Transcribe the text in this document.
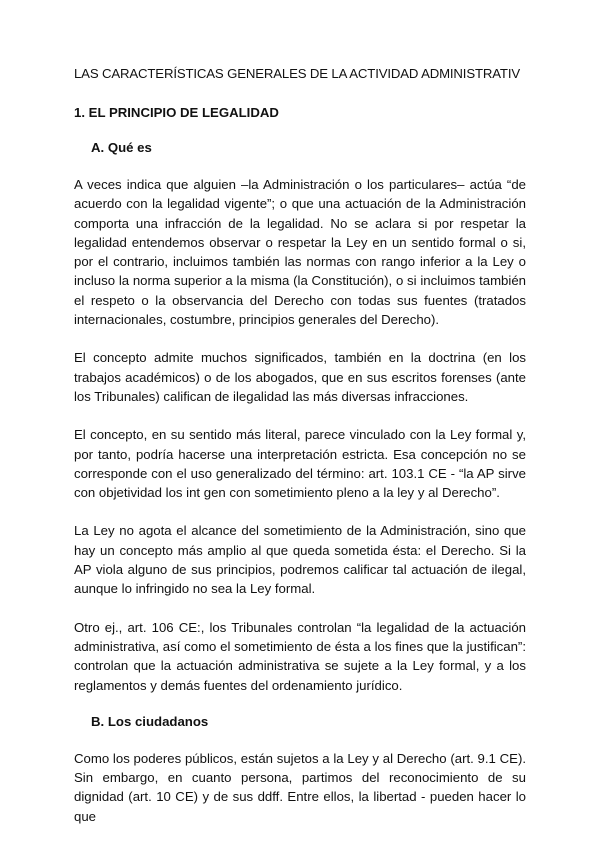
LAS CARACTERÍSTICAS GENERALES DE LA ACTIVIDAD ADMINISTRATIV
1. EL PRINCIPIO DE LEGALIDAD
A. Qué es

A veces indica que alguien –la Administración o los particulares– actúa “de acuerdo con la legalidad vigente”; o que una actuación de la Administración comporta una infracción de la legalidad. No se aclara si por respetar la legalidad entendemos observar o respetar la Ley en un sentido formal o si, por el contrario, incluimos también las normas con rango inferior a la Ley o incluso la norma superior a la misma (la Constitución), o si incluimos también el respeto o la observancia del Derecho con todas sus fuentes (tratados internacionales, costumbre, principios generales del Derecho).

El concepto admite muchos significados, también en la doctrina (en los trabajos académicos) o de los abogados, que en sus escritos forenses (ante los Tribunales) califican de ilegalidad las más diversas infracciones.

El concepto, en su sentido más literal, parece vinculado con la Ley formal y, por tanto, podría hacerse una interpretación estricta. Esa concepción no se corresponde con el uso generalizado del término: art. 103.1 CE - “la AP sirve con objetividad los int gen con sometimiento pleno a la ley y al Derecho”.

La Ley no agota el alcance del sometimiento de la Administración, sino que hay un concepto más amplio al que queda sometida ésta: el Derecho. Si la AP viola alguno de sus principios, podremos calificar tal actuación de ilegal, aunque lo infringido no sea la Ley formal.

Otro ej., art. 106 CE:, los Tribunales controlan “la legalidad de la actuación administrativa, así como el sometimiento de ésta a los fines que la justifican”: controlan que la actuación administrativa se sujete a la Ley formal, y a los reglamentos y demás fuentes del ordenamiento jurídico.

B. Los ciudadanos

Como los poderes públicos, están sujetos a la Ley y al Derecho (art. 9.1 CE). Sin embargo, en cuanto persona, partimos del reconocimiento de su dignidad (art. 10 CE) y de sus ddff. Entre ellos, la libertad - pueden hacer lo que
